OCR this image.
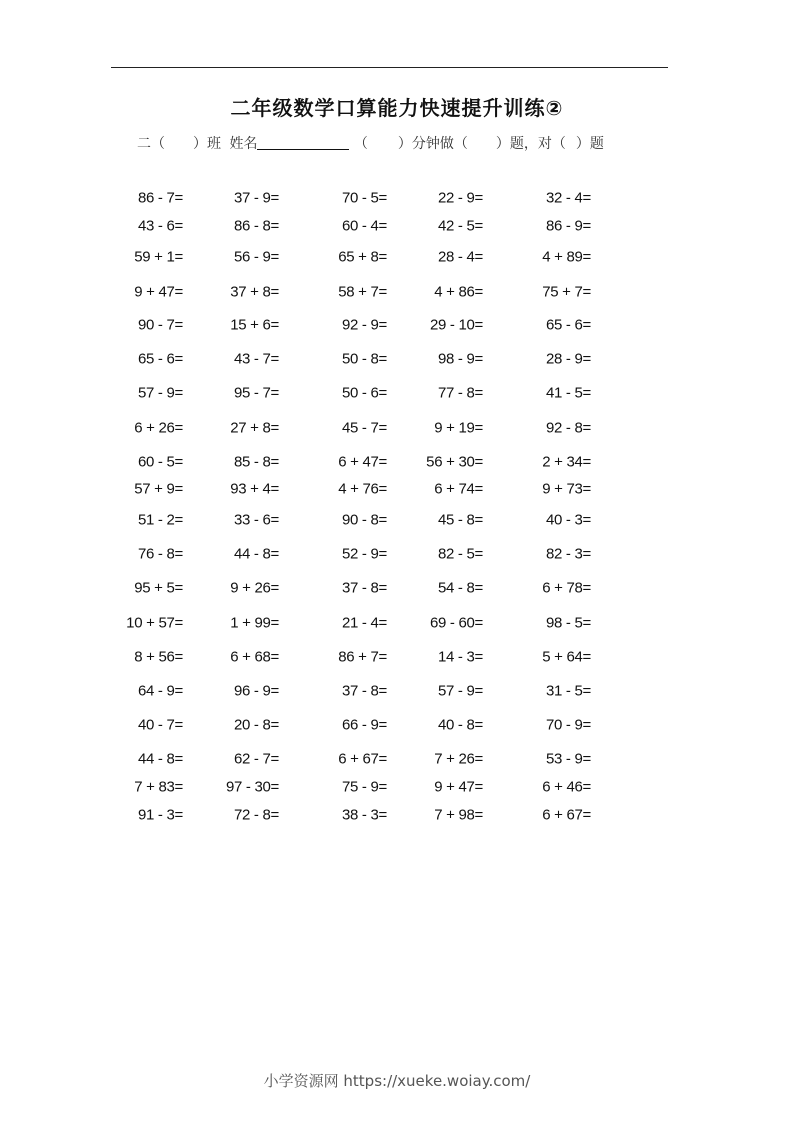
二年级数学口算能力快速提升训练②
二（ ）班 姓名	（ ）分钟做（ ）题，对（ ）题
86 - 7=	37 - 9=	70 - 5=	22 - 9=	32 - 4=
43 - 6=	86 - 8=	60 - 4=	42 - 5=	86 - 9=
59 + 1=	56 - 9=	65 + 8=	28 - 4=	4 + 89=
9 + 47=	37 + 8=	58 + 7=	4 + 86=	75 + 7=
90 - 7=	15 + 6=	92 - 9=	29 - 10=	65 - 6=
65 - 6=	43 - 7=	50 - 8=	98 - 9=	28 - 9=
57 - 9=	95 - 7=	50 - 6=	77 - 8=	41 - 5=
6 + 26=	27 + 8=	45 - 7=	9 + 19=	92 - 8=
60 - 5=	85 - 8=	6 + 47=	56 + 30=	2 + 34=
57 + 9=	93 + 4=	4 + 76=	6 + 74=	9 + 73=
51 - 2=	33 - 6=	90 - 8=	45 - 8=	40 - 3=
76 - 8=	44 - 8=	52 - 9=	82 - 5=	82 - 3=
95 + 5=	9 + 26=	37 - 8=	54 - 8=	6 + 78=
10 + 57=	1 + 99=	21 - 4=	69 - 60=	98 - 5=
8 + 56=	6 + 68=	86 + 7=	14 - 3=	5 + 64=
64 - 9=	96 - 9=	37 - 8=	57 - 9=	31 - 5=
40 - 7=	20 - 8=	66 - 9=	40 - 8=	70 - 9=
44 - 8=	62 - 7=	6 + 67=	7 + 26=	53 - 9=
7 + 83=	97 - 30=	75 - 9=	9 + 47=	6 + 46=
91 - 3=	72 - 8=	38 - 3=	7 + 98=	6 + 67=
小学资源网 https://xueke.woiay.com/
